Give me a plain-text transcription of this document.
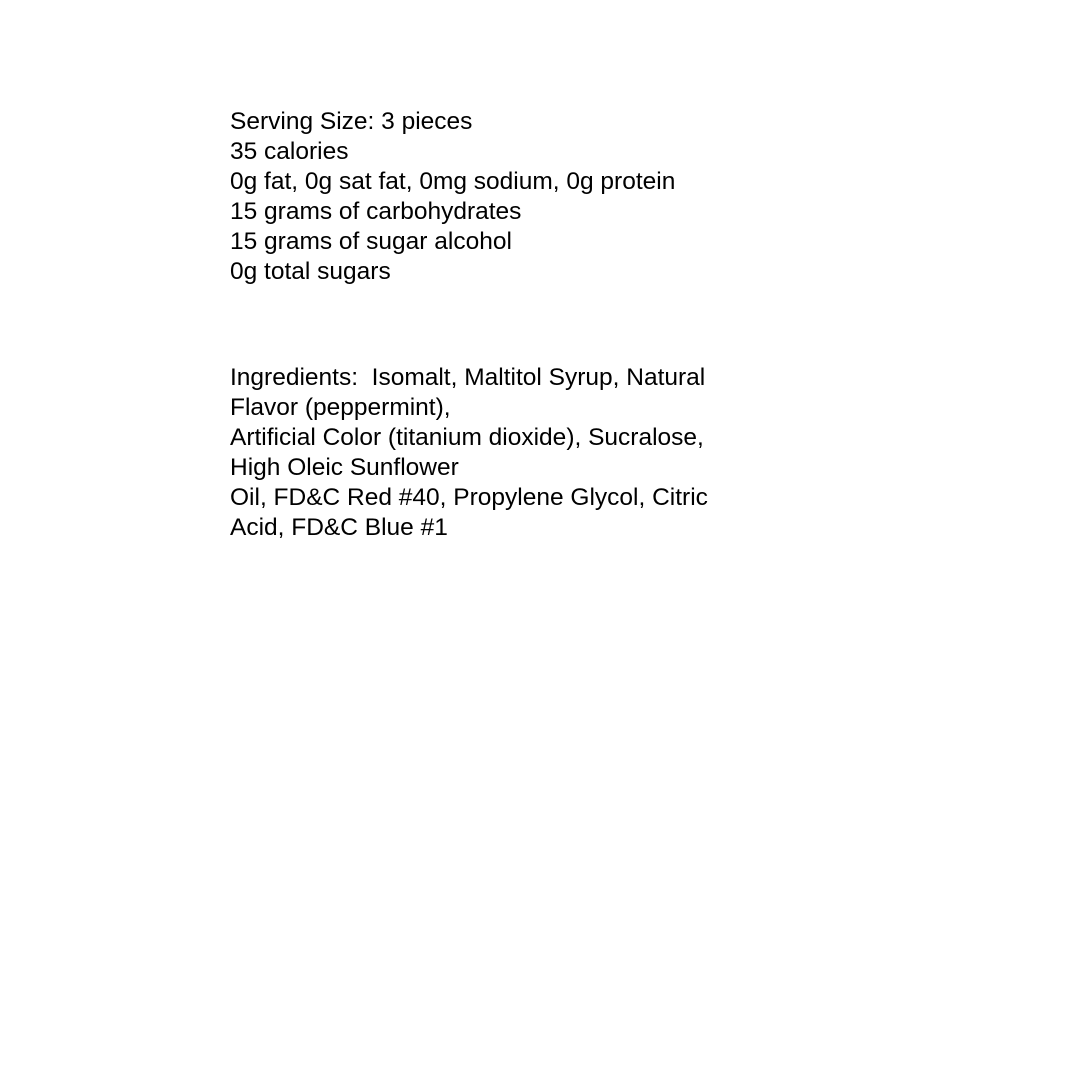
Serving Size: 3 pieces
35 calories
0g fat, 0g sat fat, 0mg sodium, 0g protein
15 grams of carbohydrates
15 grams of sugar alcohol
0g total sugars
Ingredients:  Isomalt, Maltitol Syrup, Natural
Flavor (peppermint),
Artificial Color (titanium dioxide), Sucralose,
High Oleic Sunflower
Oil, FD&C Red #40, Propylene Glycol, Citric
Acid, FD&C Blue #1
